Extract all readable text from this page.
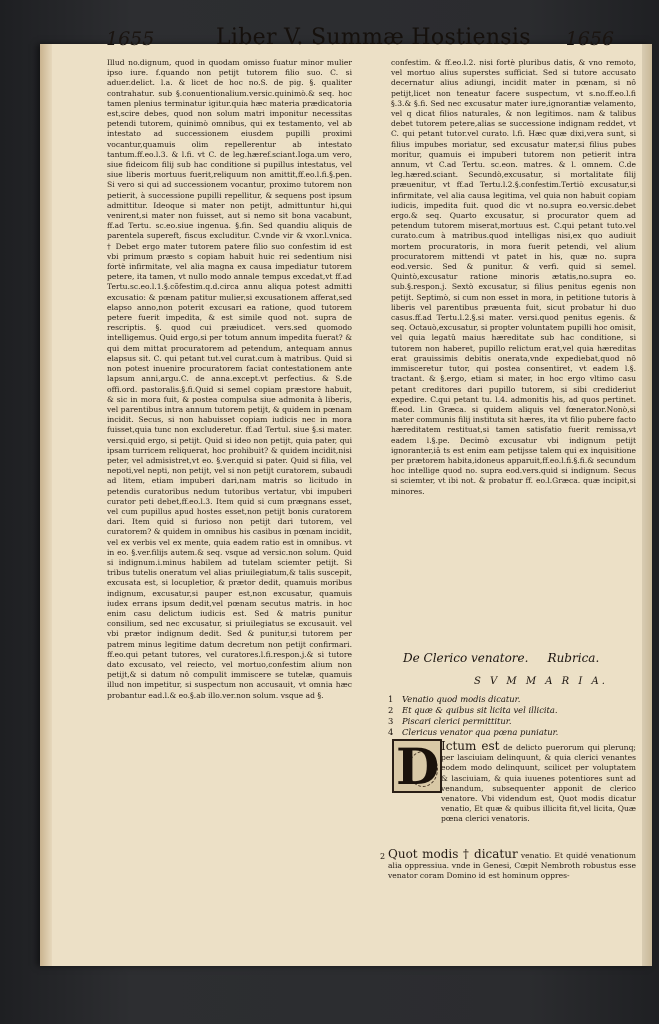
1655	Liber V. Summæ Hostiensis 1656

Illud no.dignum, quod in quodam omisso fuatur minor mulier ipso iure. f.quando non petijt tutorem filio suo. C. si aduer.delict. l.a. & licet de hoc no.S. de pig. §. qualiter contrahatur. sub §.conuentionalium.versic.quinimò.& seq. hoc tamen plenius terminatur igitur.quia hæc materia prædicatoria est,scire debes, quod non solum matri imponitur necessitas petendi tutorem, quinimò omnibus, qui ex testamento, vel ab intestato ad successionem eiusdem pupilli proximi vocantur,quamuis olim repellerentur ab intestato tantum.ff.eo.l.3. & l.fi. vt C. de leg.hæref.sciant.Ioga.um vero, siue fideicom filij sub hac conditione si pupillus intestatus, vel siue liberis mortuus fuerit,reliquum non amittit,ff.eo.l.fi.§.pen. Si vero si qui ad successionem vocantur, proximo tutorem non petierit, à successione pupilli repellitur, & sequens post ipsum admittitur. Ideoque si mater non petijt, admittuntur hi,qui venirent,si mater non fuisset, aut si nemo sit bona vacabunt, ff.ad Tertu. sc.eo.siue ingenua. §.fin. Sed quandiu aliquis de parentela supereft, fiscus excluditur. C.vnde vir & vxor.l.vnica. † Debet ergo mater tutorem patere filio suo confestim id est vbi primum præsto s copiam habuit huic rei sedentium nisi fortè infirmitate, vel alia magna ex causa impediatur tutorem petere, ita tamen, vt nullo modo annale tempus excedat,vt ff.ad Tertu.sc.eo.l.1.§.cõfestim.q.d.circa annu aliqua potest admitti excusatio: & pœnam patitur mulier,si excusationem afferat,sed elapso anno,non poterit excusari ea ratione, quod tutorem petere fuerit impedita, & est simile quod not. supra de rescriptis. §. quod cui præiudicet. vers.sed quomodo intelligemus. Quid ergo,si per totum annum impedita fuerat? & qui dem mittat procuratorem ad petendum, antequam annus elapsus sit. C. qui petant tut.vel curat.cum à matribus. Quid si non potest inuenire procuratorem faciat contestationem ante lapsum anni,argu.C. de anna.except.vt perfectius. & S.de offi.ord. pastoralis.§.fi.Quid si semel copiam præstore habuit, & sic in mora fuit, & postea compulsa siue admonita à liberis, vel parentibus intra annum tutorem petijt, & quidem in pœnam incidit. Secus, si non habuisset copiam iudicis nec in mora fuisset,quia tunc non excluderetur. ff.ad Tertul. siue §.si mater. versi.quid ergo, si petijt. Quid si ideo non petijt, quia pater, qui ipsam turricem reliquerat, hoc prohibuit? & quidem incidit,nisi peter, vel admisistret,vt eo. §.ver.quid si pater. Quid si filia, vel nepoti,vel nepti, non petijt, vel si non petijt curatorem, subaudi ad litem, etiam impuberi dari,nam matris so licitudo in petendis curatoribus nedum tutoribus vertatur, vbi impuberi curator peti debet,ff.eo.l.3. Item quid si cum prægnans esset, vel cum pupillus apud hostes esset,non petijt bonis curatorem dari. Item quid si furioso non petijt dari tutorem, vel curatorem? & quidem in omnibus his casibus in pœnam incidit, vel ex verbis vel ex mente, quia eadem ratio est in omnibus. vt in eo. §.ver.filijs autem.& seq. vsque ad versic.non solum. Quid si indignum.i.minus habilem ad tutelam sciemter petijt. Si tribus tutelis oneratum vel alias priuilegiatum,& talis suscepit, excusata est, si locupletior, & prætor dedit, quamuis moribus indignum, excusatur,si pauper est,non excusatur, quamuis iudex errans ipsum dedit,vel pœnam secutus matris. in hoc enim casu delictum iudicis est. Sed & matris punitur consilium, sed nec excusatur, si priuilegiatus se excusauit. vel vbi prætor indignum dedit. Sed & punitur,si tutorem per patrem minus legitime datum decretum non petijt confirmari. ff.eo.qui petant tutores, vel curatores.l.fi.respon.j.& si tutore dato excusato, vel reiecto, vel mortuo,confestim alium non petijt,& si datum nô compulit immiscere se tutelæ, quamuis illud non impetitur, si suspectum non accusauit, vt omnia hæc probantur ead.l.& eo.§.ab illo.ver.non solum. vsque ad §.

confestim. & ff.eo.l.2. nisi fortè pluribus datis, & vno remoto, vel mortuo alius superstes sufficiat. Sed si tutore accusato decernatur alius adiungi, incidit mater in pœnam, si nô petijt,licet non teneatur facere suspectum, vt s.no.ff.eo.l.fi §.3.& §.fi. Sed nec excusatur mater iure,ignorantiæ velamento, vel q dicat filios naturales, & non legitimos. nam & talibus debet tutorem petere,alias se successione indignam reddet, vt C. qui petant tutor.vel curato. l.fi. Hæc quæ dixi,vera sunt, si filius impubes moriatur, sed excusatur mater,si filius pubes moritur, quamuis ei impuberi tutorem non petierit intra annum, vt C.ad Tertu. sc.eon. matres. & l. omnem. C.de leg.hæred.sciant. Secundò,excusatur, si mortalitate filij præuenitur, vt ff.ad Tertu.l.2.§.confestim.Tertiò excusatur,si infirmitate, vel alia causa legitima, vel quia non habuit copiam iudicis, impedita fuit. quod dic vt no.supra eo.versic.debet ergo.& seq. Quarto excusatur, si procurator quem ad petendum tutorem miserat,mortuus est. C.qui petant tuto.vel curato.cum à matribus.quod intelligas nisi,ex quo audiuit mortem procuratoris, in mora fuerit petendi, vel alium procuratorem mittendi vt patet in his, quæ no. supra eod.versic. Sed & punitur. & verfi. quid si semel. Quintò,excusatur ratione minoris ætatis,no.supra eo. sub.§.respon.j. Sextò excusatur, si filius penitus egenis non petijt. Septimò, si cum non esset in mora, in petitione tutoris à liberis vel parentibus præuenta fuit, sicut probatur hi duo casus.ff.ad Tertu.l.2.§.si mater. versi.quod penitus egenis. & seq. Octauò,excusatur, si propter voluntatem pupilli hoc omisit, vel quia legatû maius hæreditate sub hac conditione, si tutorem non haberet, pupillo relictum erat,vel quia hæreditas erat grauissimis debitis onerata,vnde expediebat,quod nô immisceretur tutor, qui postea consentiret, vt eadem l.§. tractant. & §.ergo, etiam si mater, in hoc ergo vltimo casu petant creditores dari pupillo tutorem, si sibi credideriut expedire. C.qui petant tu. l.4. admonitis his, ad quos pertinet. ff.eod. l.in Græca. si quidem aliquis vel fœnerator.Nonò,si mater communis filij instituta sit hæres, ita vt filio pubere facto hæreditatem restituat,si tamen satisfatio fuerit remissa,vt eadem l.§.pe. Decimò excusatur vbi indignum petijt ignoranter,iâ ts est enim eam petijsse talem qui ex inquisitione per prætorem habita,idoneus apparuit,ff.eo.l.fi.§.fi.& secundum hoc intellige quod no. supra eod.vers.quid si indignum. Secus si sciemter, vt ibi not. & probatur ff. eo.l.Græca. quæ incipit,si minores.

De Clerico venatore. Rubrica.
S V M M A R I A.
1	Venatio quod modis dicatur.
2	Et quæ & quibus sit licita vel illicita.
3	Piscari clerici permittitur.
4	Clericus venator qua pœna puniatur.
D Ictum est de delicto puerorum qui plerunq; per lasciuiam delinquunt, & quia clerici venantes eodem modo delinquunt, scilicet per voluptatem & lasciuiam, & quia iuuenes potentiores sunt ad venandum, subsequenter apponit de clerico venatore. Vbi videndum est, Quot modis dicatur venatio, Et quæ & quibus illicita fit,vel licita, Quæ pœna clerici venatoris.
Quot modis † dicatur venatio. Et quidé venationum alia oppressiua. vnde in Genesi, Cœpit Nembroth robustus esse venator coram Domino id est hominum oppres-
2
